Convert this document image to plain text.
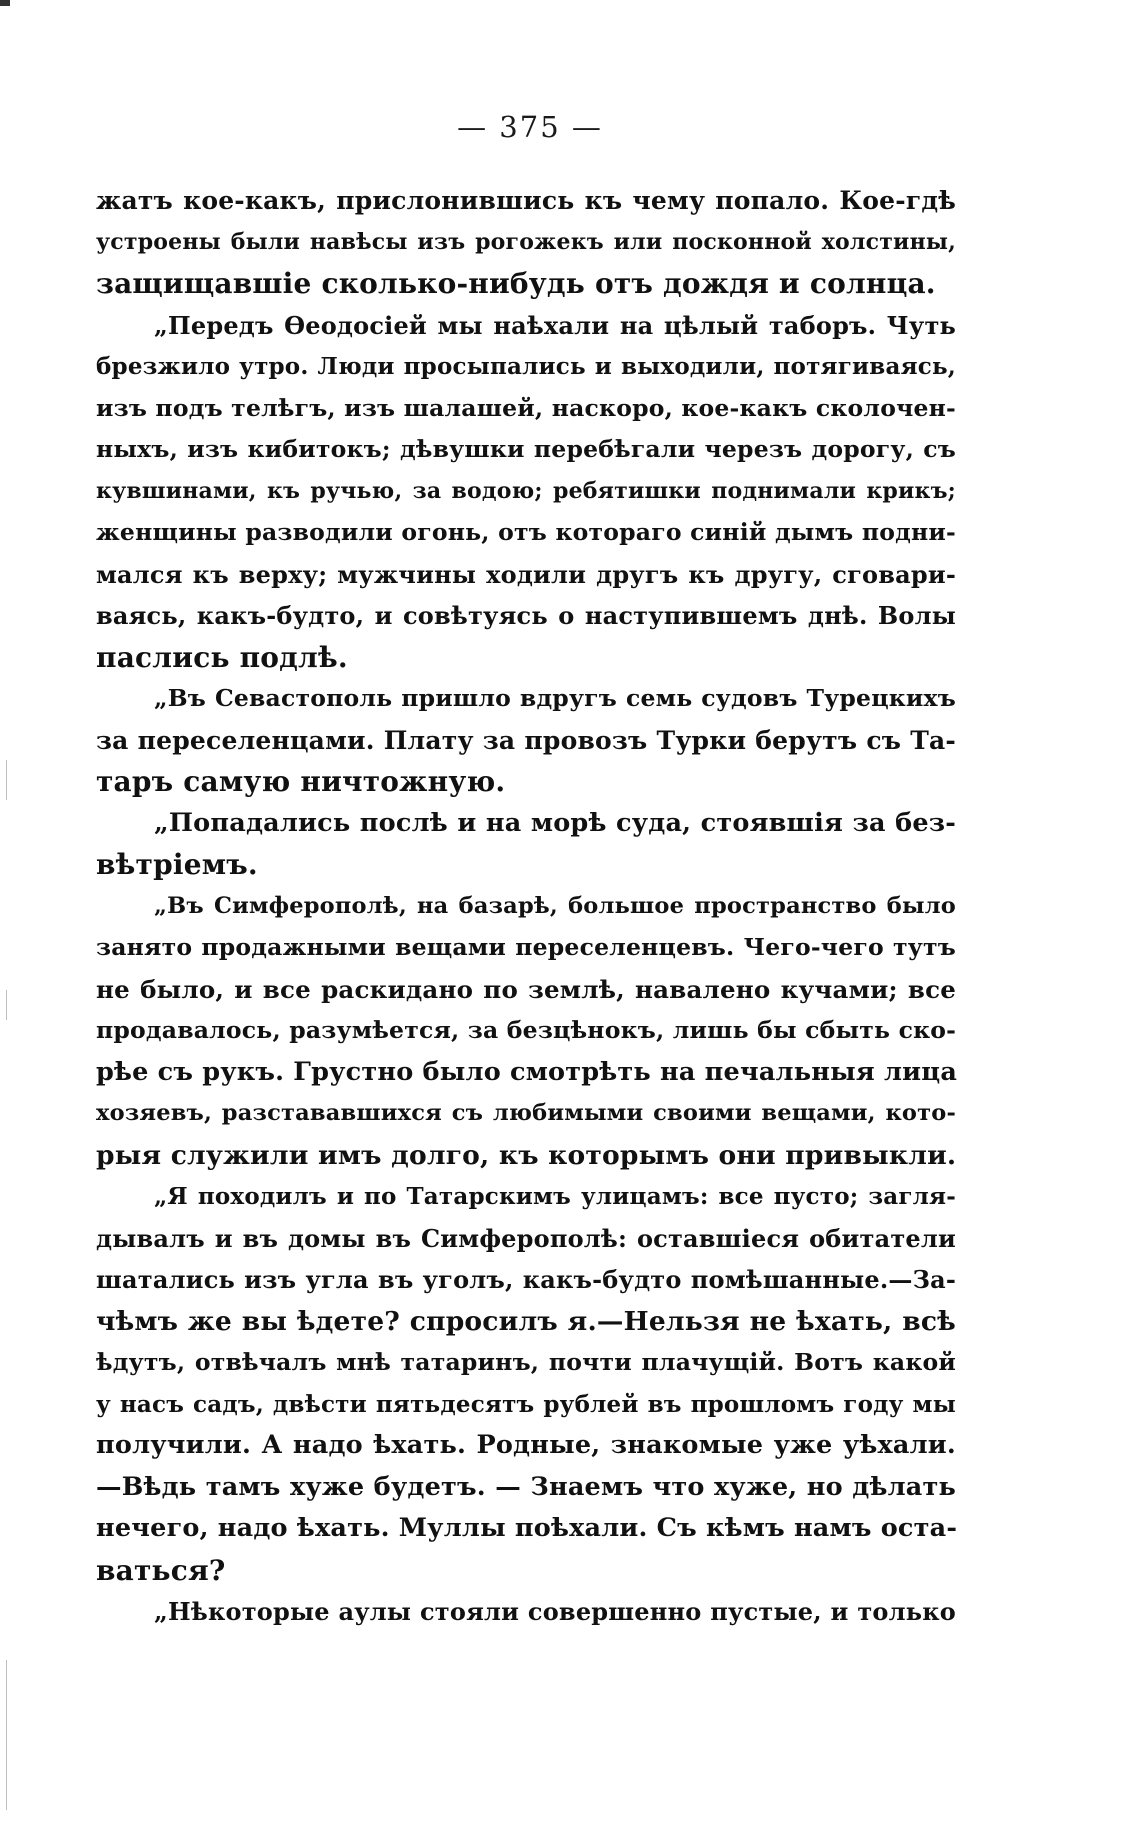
— 375 —
жатъ кое-какъ, прислонившись къ чему попало. Кое-гдѣ
устроены были навѣсы изъ рогожекъ или посконной холстины,
защищавшіе сколько-нибудь отъ дождя и солнца.
„Передъ Ѳеодосіей мы наѣхали на цѣлый таборъ. Чуть
брезжило утро. Люди просыпались и выходили, потягиваясь,
изъ подъ телѣгъ, изъ шалашей, наскоро, кое-какъ сколочен-
ныхъ, изъ кибитокъ; дѣвушки перебѣгали черезъ дорогу, съ
кувшинами, къ ручью, за водою; ребятишки поднимали крикъ;
женщины разводили огонь, отъ котораго синій дымъ подни-
мался къ верху; мужчины ходили другъ къ другу, сговари-
ваясь, какъ-будто, и совѣтуясь о наступившемъ днѣ. Волы
паслись подлѣ.
„Въ Севастополь пришло вдругъ семь судовъ Турецкихъ
за переселенцами. Плату за провозъ Турки берутъ съ Та-
таръ самую ничтожную.
„Попадались послѣ и на морѣ суда, стоявшія за без-
вѣтріемъ.
„Въ Симферополѣ, на базарѣ, большое пространство было
занято продажными вещами переселенцевъ. Чего-чего тутъ
не было, и все раскидано по землѣ, навалено кучами; все
продавалось, разумѣется, за безцѣнокъ, лишь бы сбыть ско-
рѣе съ рукъ. Грустно было смотрѣть на печальныя лица
хозяевъ, разстававшихся съ любимыми своими вещами, кото-
рыя служили имъ долго, къ которымъ они привыкли.
„Я походилъ и по Татарскимъ улицамъ: все пусто; загля-
дывалъ и въ домы въ Симферополѣ: оставшіеся обитатели
шатались изъ угла въ уголъ, какъ-будто помѣшанные.—За-
чѣмъ же вы ѣдете? спросилъ я.—Нельзя не ѣхать, всѣ
ѣдутъ, отвѣчалъ мнѣ татаринъ, почти плачущій. Вотъ какой
у насъ садъ, двѣсти пятьдесятъ рублей въ прошломъ году мы
получили. А надо ѣхать. Родные, знакомые уже уѣхали.
—Вѣдь тамъ хуже будетъ. — Знаемъ что хуже, но дѣлать
нечего, надо ѣхать. Муллы поѣхали. Съ кѣмъ намъ оста-
ваться?
„Нѣкоторые аулы стояли совершенно пустые, и только
